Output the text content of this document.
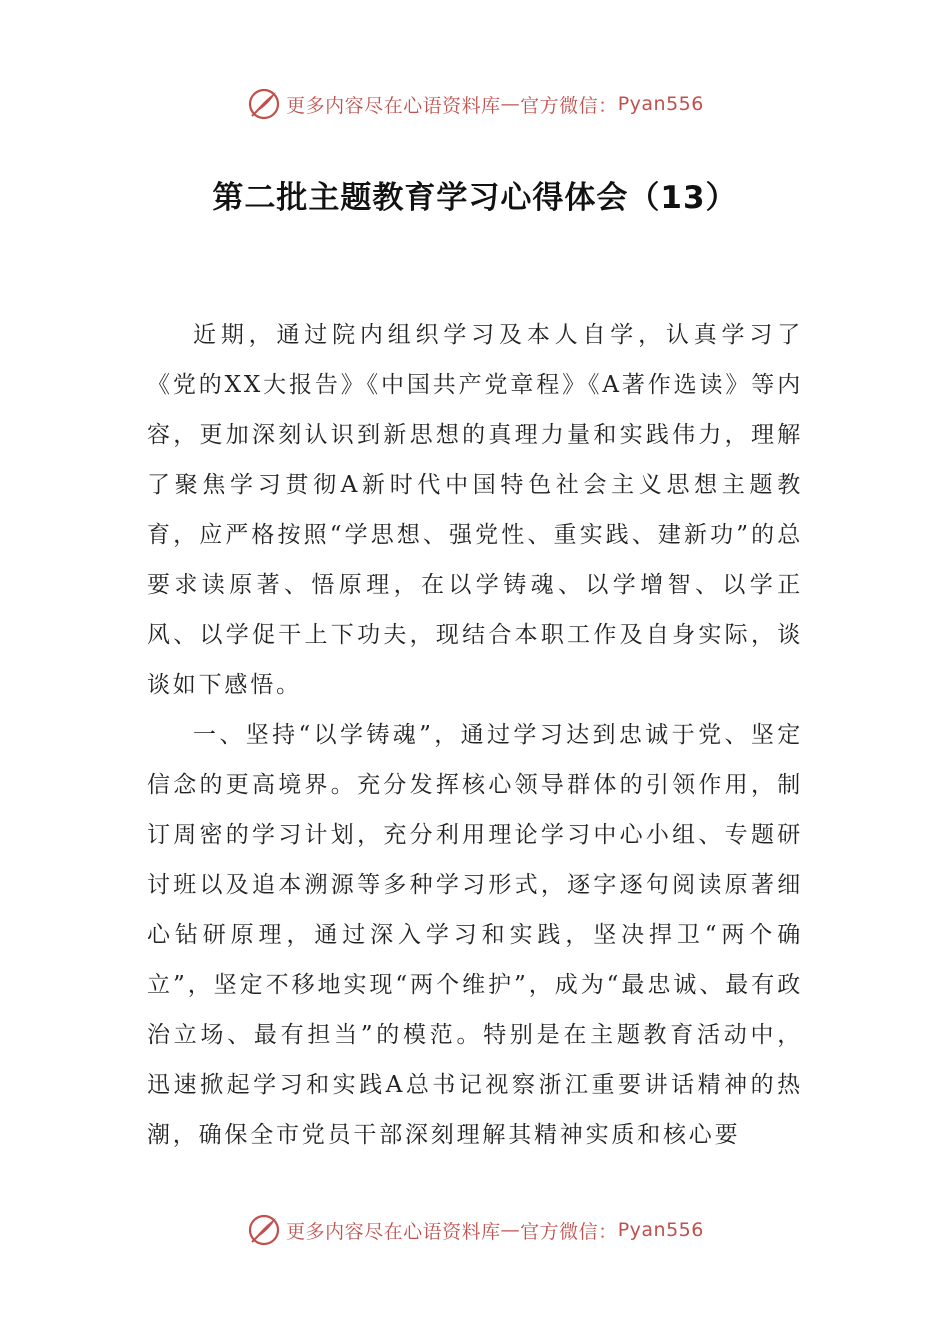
更多内容尽在心语资料库 — 官方微信： Pyan556
第二批主题教育学习心得体会（13）

近期，通过院内组织学习及本人自学，认真学习了《党的XX大报告》《中国共产党章程》《A著作选读》等内容，更加深刻认识到新思想的真理力量和实践伟力，理解了聚焦学习贯彻A新时代中国特色社会主义思想主题教育，应严格按照“学思想、强党性、重实践、建新功”的总要求读原著、悟原理，在以学铸魂、以学增智、以学正风、以学促干上下功夫，现结合本职工作及自身实际，谈谈如下感悟。

一、坚持“以学铸魂”，通过学习达到忠诚于党、坚定信念的更高境界。充分发挥核心领导群体的引领作用，制订周密的学习计划，充分利用理论学习中心小组、专题研讨班以及追本溯源等多种学习形式，逐字逐句阅读原著细心钻研原理，通过深入学习和实践，坚决捍卫“两个确立”，坚定不移地实现“两个维护”，成为“最忠诚、最有政治立场、最有担当”的模范。特别是在主题教育活动中，迅速掀起学习和实践A总书记视察浙江重要讲话精神的热潮，确保全市党员干部深刻理解其精神实质和核心要

更多内容尽在心语资料库 — 官方微信： Pyan556
